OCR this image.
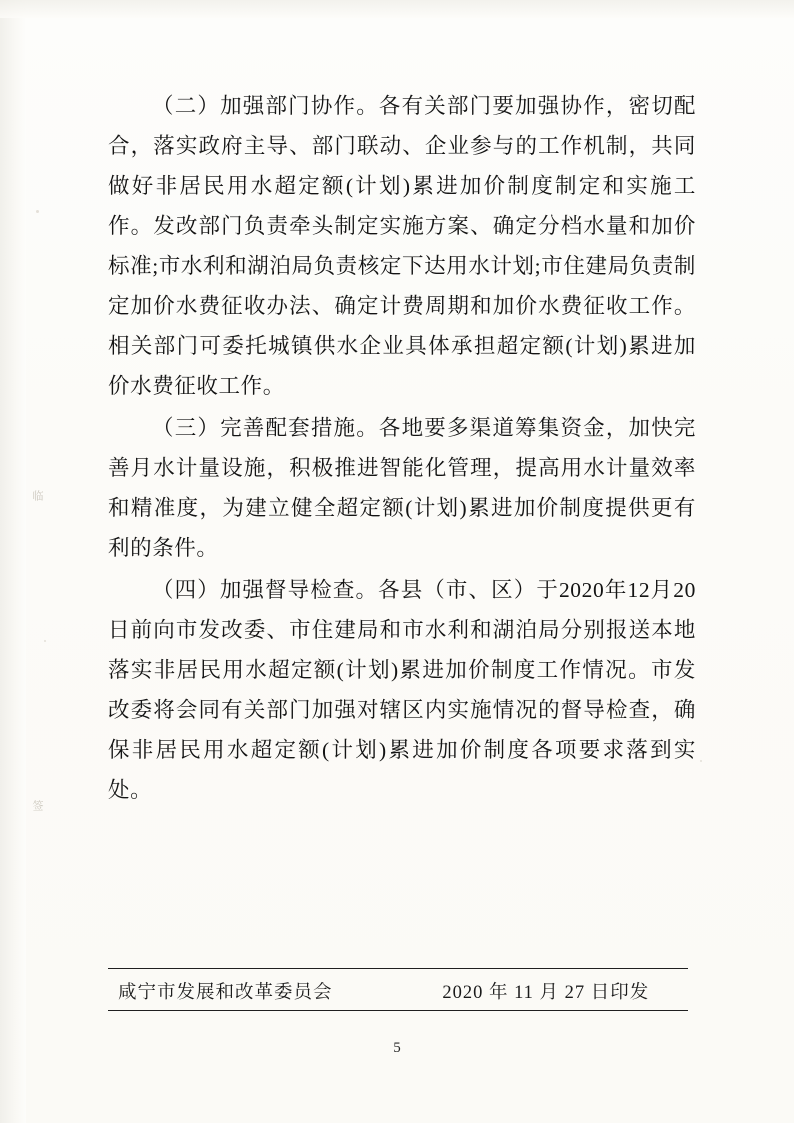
临
签

（二）加强部门协作。各有关部门要加强协作，密切配合，落实政府主导、部门联动、企业参与的工作机制，共同做好非居民用水超定额(计划)累进加价制度制定和实施工作。发改部门负责牵头制定实施方案、确定分档水量和加价标准;市水利和湖泊局负责核定下达用水计划;市住建局负责制定加价水费征收办法、确定计费周期和加价水费征收工作。相关部门可委托城镇供水企业具体承担超定额(计划)累进加价水费征收工作。

（三）完善配套措施。各地要多渠道筹集资金，加快完善月水计量设施，积极推进智能化管理，提高用水计量效率和精准度，为建立健全超定额(计划)累进加价制度提供更有利的条件。

（四）加强督导检查。各县（市、区）于2020年12月20日前向市发改委、市住建局和市水利和湖泊局分别报送本地落实非居民用水超定额(计划)累进加价制度工作情况。市发改委将会同有关部门加强对辖区内实施情况的督导检查，确保非居民用水超定额(计划)累进加价制度各项要求落到实处。

咸宁市发展和改革委员会	2020 年 11 月 27 日印发
5
